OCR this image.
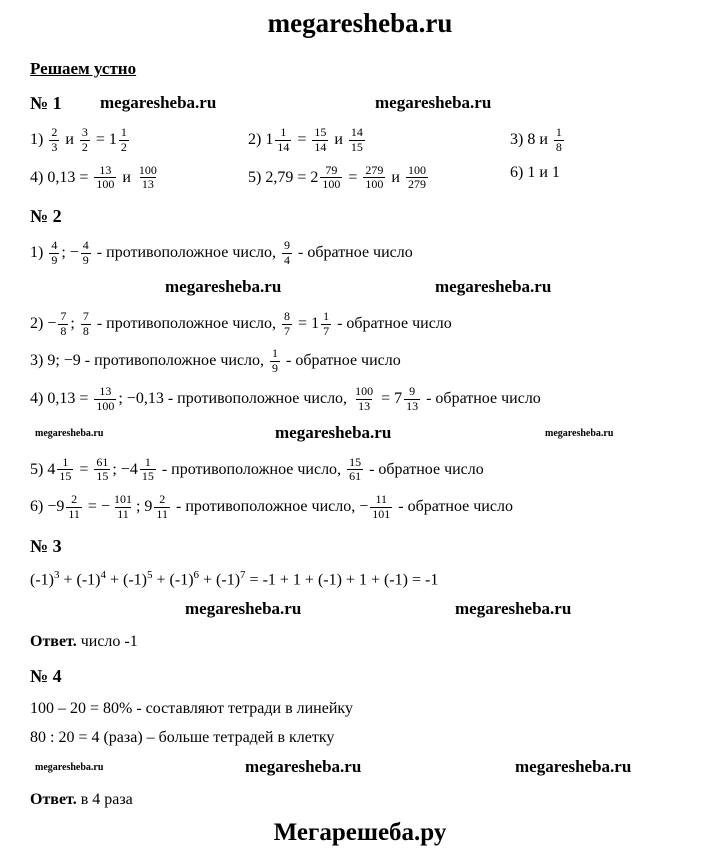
megaresheba.ru
Решаем устно
№ 1 megaresheba.ru	megaresheba.ru
$1) \frac{2}{3}$ и $\frac{3}{2} = 1 \frac{1}{2}$	2) $1 \frac{1}{14} = \frac{15}{14}$ и $\frac{14}{15}$	3) 8 и $\frac{1}{8}$
4) $0,13 = \frac{13}{100}$ и $\frac{100}{13}$	5) $2,79 = 2 \frac{79}{100} = \frac{279}{100}$ и $\frac{100}{279}$	6) 1 и 1
№ 2
$1) \frac{4}{9}$ ; − $\frac{4}{9}$ - противоположное число, $\frac{9}{4}$ - обратное число
megaresheba.ru	megaresheba.ru
$2) - \frac{7}{8}$ ; $\frac{7}{8}$ - противоположное число, $\frac{8}{7} = 1 \frac{1}{7}$ - обратное число
3) 9; −9 - противоположное число, $\frac{1}{9}$ - обратное число
4) $0,13 = \frac{13}{100}$ ; −0,13 - противоположное число, $\frac{100}{13} = 7 \frac{9}{13}$ - обратное число
megaresheba.ru	megaresheba.ru	megaresheba.ru
5) $4 \frac{1}{15} = \frac{61}{15}$ ; $-4 \frac{1}{15}$ - противоположное число, $\frac{15}{61}$ - обратное число
$6) -9 \frac{2}{11}$ = − $\frac{101}{11}$ ; $9 \frac{2}{11}$ - противоположное число, − $\frac{11}{101}$ - обратное число
№ 3
$(-1)^3 + (-1)^4 + (-1)^5 + (-1)^6 + (-1)^7 = -1 + 1 + (-1) + 1 + (-1) = -1$
megaresheba.ru	megaresheba.ru
Ответ. число -1
№ 4
100 – 20 = 80% - составляют тетради в линейку
80 : 20 = 4 (раза) – больше тетрадей в клетку
megaresheba.ru	megaresheba.ru	megaresheba.ru
Ответ. в 4 раза
Мегарешеба.ру
